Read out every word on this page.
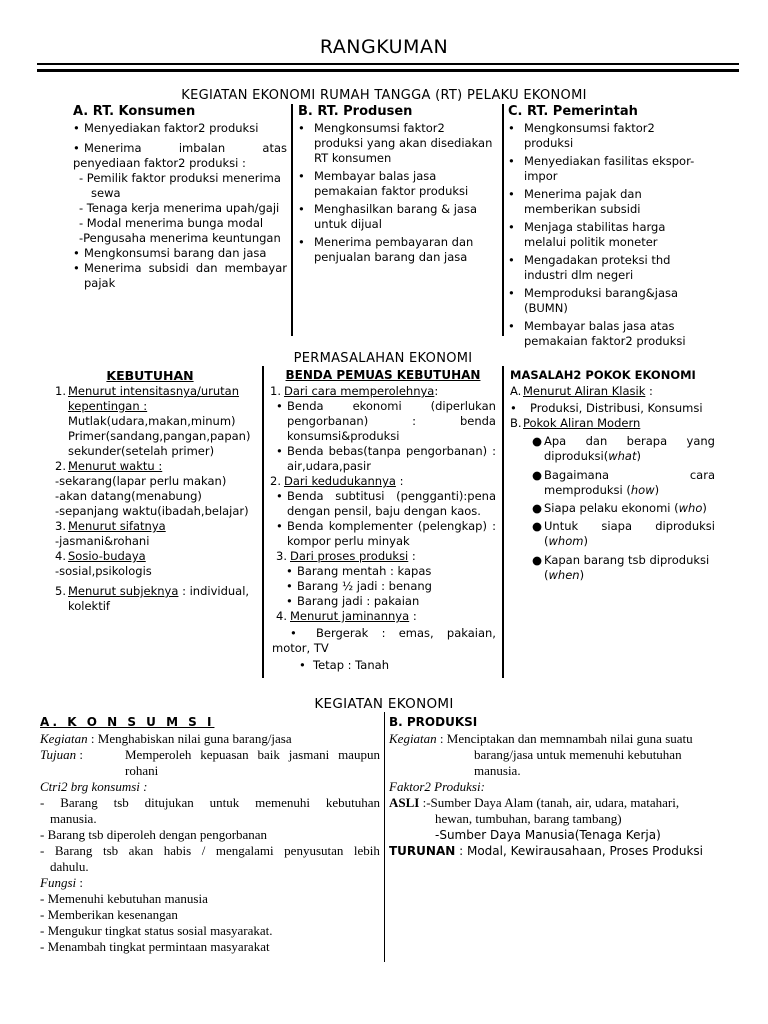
RANGKUMAN
KEGIATAN EKONOMI RUMAH TANGGA (RT) PELAKU EKONOMI
A. RT. Konsumen
• Menyediakan faktor2 produksi
• Menerima	imbalan	atas
penyediaan faktor2 produksi :
- Pemilik faktor produksi menerima
sewa
- Tenaga kerja menerima upah/gaji
- Modal menerima bunga modal
-Pengusaha menerima keuntungan
• Mengkonsumsi barang dan jasa
• Menerima subsidi dan membayar
pajak
B. RT. Produsen
• Mengkonsumsi faktor2
produksi yang akan disediakan
RT konsumen
• Membayar balas jasa
pemakaian faktor produksi
• Menghasilkan barang & jasa
untuk dijual
• Menerima pembayaran dan
penjualan barang dan jasa
C. RT. Pemerintah
• Mengkonsumsi faktor2
produksi
• Menyediakan fasilitas ekspor-
impor
• Menerima pajak dan
memberikan subsidi
• Menjaga stabilitas harga
melalui politik moneter
• Mengadakan proteksi thd
industri dlm negeri
• Memproduksi barang&jasa
(BUMN)
• Membayar balas jasa atas
pemakaian faktor2 produksi
PERMASALAHAN EKONOMI
KEBUTUHAN
1. Menurut intensitasnya/urutan
kepentingan :
Mutlak(udara,makan,minum)
Primer(sandang,pangan,papan)
sekunder(setelah primer)
2. Menurut waktu :
-sekarang(lapar perlu makan)
-akan datang(menabung)
-sepanjang waktu(ibadah,belajar)
3. Menurut sifatnya
-jasmani&rohani
4. Sosio-budaya
-sosial,psikologis
5. Menurut subjeknya : individual,
kolektif
BENDA PEMUAS KEBUTUHAN
1. Dari cara memperolehnya:
• Benda	ekonomi	(diperlukan
pengorbanan)	:	benda
konsumsi&produksi
• Benda bebas(tanpa pengorbanan) :
air,udara,pasir
2. Dari kedudukannya :
• Benda subtitusi (pengganti):pena
dengan pensil, baju dengan kaos.
• Benda komplementer (pelengkap) :
kompor perlu minyak
3. Dari proses produksi :
• Barang mentah : kapas
• Barang ½ jadi : benang
• Barang jadi : pakaian
4. Menurut jaminannya :
•	Bergerak : emas, pakaian,
motor, TV
• Tetap : Tanah
MASALAH2 POKOK EKONOMI
A. Menurut Aliran Klasik :
•	Produksi, Distribusi, Konsumsi
B. Pokok Aliran Modern
● Apa dan berapa yang
diproduksi(what)
● Bagaimana	cara
memproduksi (how)
● Siapa pelaku ekonomi (who)
● Untuk siapa diproduksi
(whom)
● Kapan barang tsb diproduksi
(when)
KEGIATAN EKONOMI
A. K O N S U M S I
Kegiatan : Menghabiskan nilai guna barang/jasa
Tujuan :	Memperoleh kepuasan baik jasmani maupun
rohani
Ctri2 brg konsumsi :
- Barang tsb ditujukan untuk memenuhi kebutuhan
manusia.
- Barang tsb diperoleh dengan pengorbanan
- Barang tsb akan habis / mengalami penyusutan lebih
dahulu.
Fungsi :
- Memenuhi kebutuhan manusia
- Memberikan kesenangan
- Mengukur tingkat status sosial masyarakat.
- Menambah tingkat permintaan masyarakat
B. PRODUKSI
Kegiatan : Menciptakan dan memnambah nilai guna suatu
barang/jasa untuk memenuhi kebutuhan
manusia.
Faktor2 Produksi:
ASLI :-Sumber Daya Alam (tanah, air, udara, matahari,
hewan, tumbuhan, barang tambang)
-Sumber Daya Manusia(Tenaga Kerja)
TURUNAN : Modal, Kewirausahaan, Proses Produksi
